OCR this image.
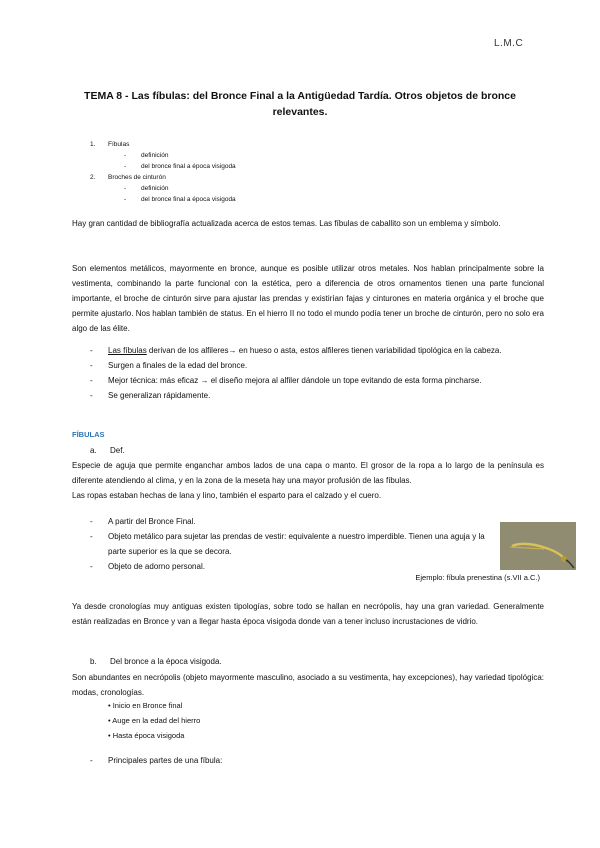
L.M.C
TEMA 8 - Las fíbulas: del Bronce Final a la Antigüedad Tardía. Otros objetos de bronce relevantes.
1. Fíbulas
- definición
- del bronce final a época visigoda
2. Broches de cinturón
- definición
- del bronce final a época visigoda

Hay gran cantidad de bibliografía actualizada acerca de estos temas. Las fíbulas de caballito son un emblema y símbolo.

Son elementos metálicos, mayormente en bronce, aunque es posible utilizar otros metales. Nos hablan principalmente sobre la vestimenta, combinando la parte funcional con la estética, pero a diferencia de otros ornamentos tienen una parte funcional importante, el broche de cinturón sirve para ajustar las prendas y existirían fajas y cinturones en materia orgánica y el broche que permite ajustarlo. Nos hablan también de status. En el hierro II no todo el mundo podía tener un broche de cinturón, pero no solo era algo de las élite.

- Las fíbulas derivan de los alfileres→ en hueso o asta, estos alfileres tienen variabilidad tipológica en la cabeza.
- Surgen a finales de la edad del bronce.
- Mejor técnica: más eficaz → el diseño mejora al alfiler dándole un tope evitando de esta forma pincharse.
- Se generalizan rápidamente.
FÍBULAS
a. Def.

Especie de aguja que permite enganchar ambos lados de una capa o manto. El grosor de la ropa a lo largo de la península es diferente atendiendo al clima, y en la zona de la meseta hay una mayor profusión de las fíbulas.

Las ropas estaban hechas de lana y lino, también el esparto para el calzado y el cuero.

- A partir del Bronce Final.
- Objeto metálico para sujetar las prendas de vestir: equivalente a nuestro imperdible. Tienen una aguja y la parte superior es la que se decora.
- Objeto de adorno personal.
Ejemplo: fíbula prenestina (s.VII a.C.)

Ya desde cronologías muy antiguas existen tipologías, sobre todo se hallan en necrópolis, hay una gran variedad. Generalmente están realizadas en Bronce y van a llegar hasta época visigoda donde van a tener incluso incrustaciones de vidrio.

b. Del bronce a la época visigoda.

Son abundantes en necrópolis (objeto mayormente masculino, asociado a su vestimenta, hay excepciones), hay variedad tipológica: modas, cronologías.

• Inicio en Bronce final
• Auge en la edad del hierro
• Hasta época visigoda
- Principales partes de una fíbula:
